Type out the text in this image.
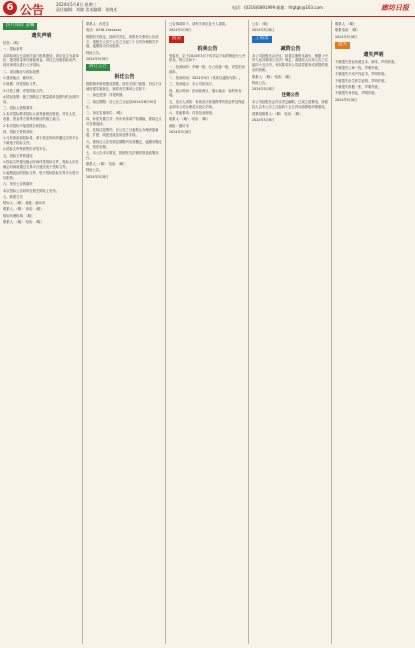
6 公告	2024年5月8日 星期三
责任编辑：刘晓 美术编辑：张晓光	电话：(0316)6891999 邮箱：lfrgtgk@163.com	廊坊日报
医疗保险 遗嘱
遗失声明

信息：（略）

一、招标条件

本招标项目已由相关部门批准建设，项目业主为某单位，建设资金来自财政资金，项目已具备招标条件，现对该项目进行公开招标。

二、项目概况与招标范围

1.建设地点：廊坊市。

2.规模：详见招标文件。

3.计划工期：详见招标文件。

4.招标范围：施工图纸及工程量清单范围内的全部内容。

三、投标人资格要求

1.本次招标要求投标人须具备相应资质，并在人员、设备、资金等方面具有相应的施工能力。

2.本次招标不接受联合体投标。

四、招标文件的获取

1.凡有意参加投标者，请于规定时间内通过交易平台下载电子招标文件。

2.招标文件每套售价详见平台。

五、投标文件的递交

1.投标文件递交截止时间详见招标文件，投标人应在截止时间前通过交易平台递交电子投标文件。

2.逾期送达的投标文件，电子招标投标交易平台将予以拒收。

六、发布公告的媒介

本次招标公告同时在相关网站上发布。

七、联系方式

招标人：（略） 地址：廊坊市

联系人：（略） 电话：（略）

招标代理机构：（略）

联系人：（略） 电话：（略）

联系人：孙先生

电话：0316-2xxxxxxx

根据有关规定，经研究决定，现将有关事项公告如下，请相关人员于公告之日起三十日内办理相关手续，逾期视为自动放弃。

特此公告。

2024年5月8日

拆迁公告
拆迁公告

根据城市规划建设需要，经有关部门批准，对以下区域房屋实施拆迁，现将有关事项公告如下：

一、拆迁范围：详见附图。

二、拆迁期限：自公告之日起至2024年6月30日止。

三、拆迁实施单位：（略）

四、补偿安置方式：货币补偿或产权调换，被拆迁人可自愿选择。

五、在拆迁范围内，自公告之日起停止办理房屋新建、扩建、改建及改变用途等手续。

六、被拆迁人应在规定期限内完成搬迁，逾期未搬迁的，依法处理。

七、本公告未尽事宜，按照有关法律法规及政策执行。

联系人：（略） 电话：（略）

特此公告。

2024年5月8日

公告事项如下，请有关单位及个人周知。

2024年5月8日

拍卖
拍卖公告

受委托，定于2024年5月下旬对以下标的物进行公开拍卖，现公告如下：

一、拍卖标的：车辆一批、办公设备一批，详见拍卖清单。

二、拍卖时间：2024年5月（具体以通知为准）。

三、拍卖地点：本公司拍卖厅。

四、展示时间：拍卖前两日，展示地点：标的所在地。

五、竞买人须知：有意竞买者请携带有效证件及保证金到本公司办理竞买登记手续。

六、其他事项：详见拍卖规则。

联系人：（略） 电话：（略）

地址：廊坊市

2024年5月8日

公告：（略）

2024年5月8日

工商类
减资公告

本公司经股东会决议，拟将注册资本减少，根据《中华人民共和国公司法》规定，请债权人自本公告之日起四十五日内，有权要求本公司清偿债务或者提供相应的担保。

联系人：（略） 电话：（略）

特此公告。

2024年5月8日

注销公告

本公司经股东会决议决定解散，已成立清算组，请债权人自本公告之日起四十五日内向清算组申报债权。

清算组联系人：（略） 电话：（略）

2024年5月8日

联系人：（略）

联系电话：（略）

2024年5月8日

遗失
遗失声明

不慎遗失营业执照正本、副本，声明作废。

不慎遗失公章一枚，声明作废。

不慎遗失不动产权证书，声明作废。

不慎遗失出生医学证明，声明作废。

不慎遗失收据一张，声明作废。

不慎遗失身份证，声明作废。

2024年5月8日
